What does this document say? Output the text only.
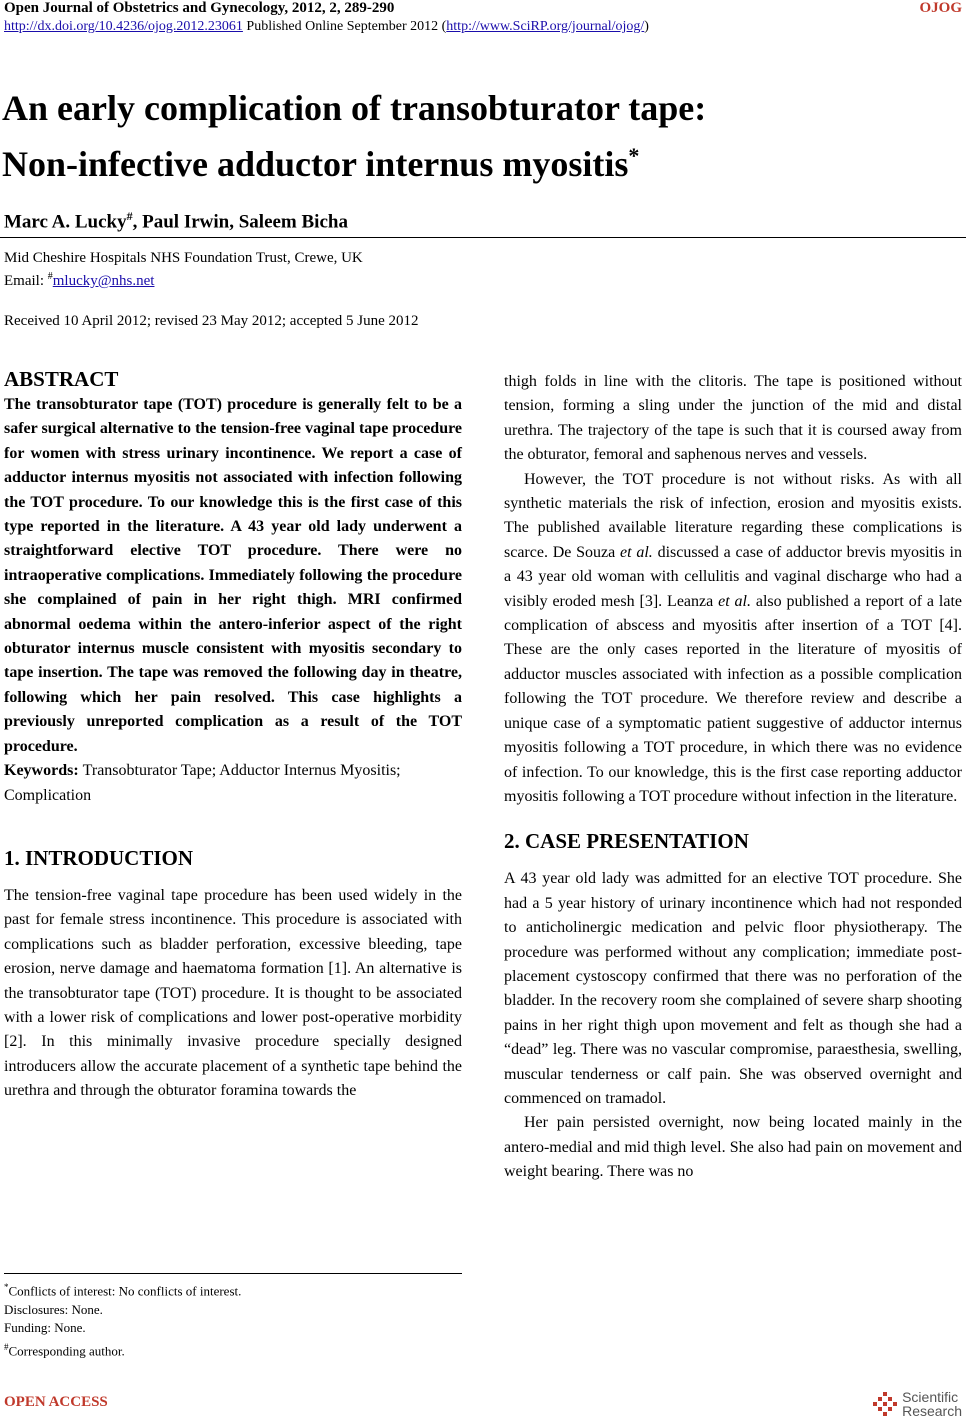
Open Journal of Obstetrics and Gynecology, 2012, 2, 289-290	OJOG
http://dx.doi.org/10.4236/ojog.2012.23061 Published Online September 2012 (http://www.SciRP.org/journal/ojog/)
An early complication of transobturator tape:
Non-infective adductor internus myositis*
Marc A. Lucky#, Paul Irwin, Saleem Bicha
Mid Cheshire Hospitals NHS Foundation Trust, Crewe, UK
Email: #mlucky@nhs.net
Received 10 April 2012; revised 23 May 2012; accepted 5 June 2012
ABSTRACT

The transobturator tape (TOT) procedure is generally felt to be a safer surgical alternative to the tension-free vaginal tape procedure for women with stress urinary incontinence. We report a case of adductor internus myositis not associated with infection following the TOT procedure. To our knowledge this is the first case of this type reported in the literature. A 43 year old lady underwent a straightforward elective TOT procedure. There were no intraoperative complications. Immediately following the procedure she complained of pain in her right thigh. MRI confirmed abnormal oedema within the antero-inferior aspect of the right obturator internus muscle consistent with myositis secondary to tape insertion. The tape was removed the following day in theatre, following which her pain resolved. This case highlights a previously unreported complication as a result of the TOT procedure.

Keywords: Transobturator Tape; Adductor Internus Myositis; Complication

1. INTRODUCTION

The tension-free vaginal tape procedure has been used widely in the past for female stress incontinence. This procedure is associated with complications such as bladder perforation, excessive bleeding, tape erosion, nerve damage and haematoma formation [1]. An alternative is the transobturator tape (TOT) procedure. It is thought to be associated with a lower risk of complications and lower post-operative morbidity [2]. In this minimally invasive procedure specially designed introducers allow the accurate placement of a synthetic tape behind the urethra and through the obturator foramina towards the

thigh folds in line with the clitoris. The tape is positioned without tension, forming a sling under the junction of the mid and distal urethra. The trajectory of the tape is such that it is coursed away from the obturator, femoral and saphenous nerves and vessels.

However, the TOT procedure is not without risks. As with all synthetic materials the risk of infection, erosion and myositis exists. The published available literature regarding these complications is scarce. De Souza et al. discussed a case of adductor brevis myositis in a 43 year old woman with cellulitis and vaginal discharge who had a visibly eroded mesh [3]. Leanza et al. also published a report of a late complication of abscess and myositis after insertion of a TOT [4]. These are the only cases reported in the literature of myositis of adductor muscles associated with infection as a possible complication following the TOT procedure. We therefore review and describe a unique case of a symptomatic patient suggestive of adductor internus myositis following a TOT procedure, in which there was no evidence of infection. To our knowledge, this is the first case reporting adductor myositis following a TOT procedure without infection in the literature.

2. CASE PRESENTATION

A 43 year old lady was admitted for an elective TOT procedure. She had a 5 year history of urinary incontinence which had not responded to anticholinergic medication and pelvic floor physiotherapy. The procedure was performed without any complication; immediate post-placement cystoscopy confirmed that there was no perforation of the bladder. In the recovery room she complained of severe sharp shooting pains in her right thigh upon movement and felt as though she had a “dead” leg. There was no vascular compromise, paraesthesia, swelling, muscular tenderness or calf pain. She was observed overnight and commenced on tramadol.

Her pain persisted overnight, now being located mainly in the antero-medial and mid thigh level. She also had pain on movement and weight bearing. There was no

*Conflicts of interest: No conflicts of interest.
Disclosures: None.
Funding: None.
#Corresponding author.
OPEN ACCESS	Scientific
Research
